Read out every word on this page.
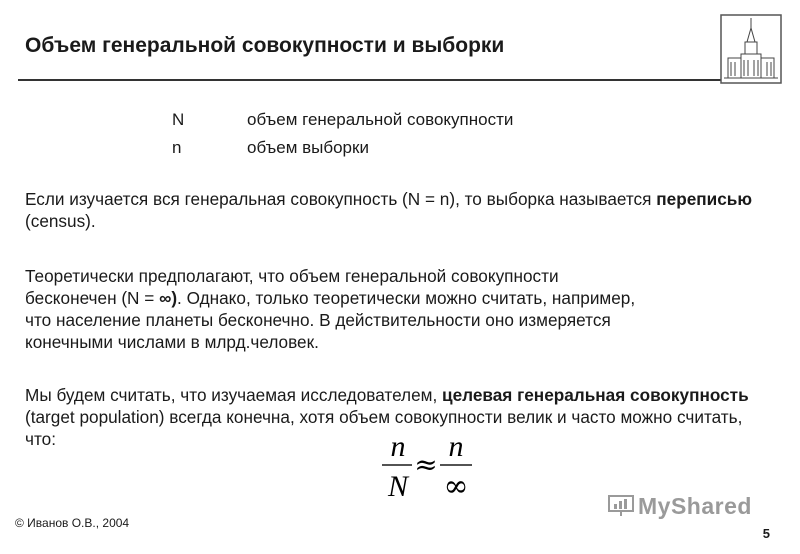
Объем генеральной совокупности и выборки
N	объем генеральной совокупности
n	объем выборки
Если изучается вся генеральная совокупность (N = n), то выборка называется переписью (census).
Теоретически предполагают, что объем генеральной совокупности
бесконечен (N = ∞). Однако, только теоретически можно считать, например,
что население планеты бесконечно. В действительности оно измеряется
конечными числами в млрд.человек.
Мы будем считать, что изучаемая исследователем, целевая генеральная совокупность (target population) всегда конечна, хотя объем совокупности велик и часто можно считать, что:	n
N
≈
n
∞
© Иванов О.В., 2004
5
MyShared
